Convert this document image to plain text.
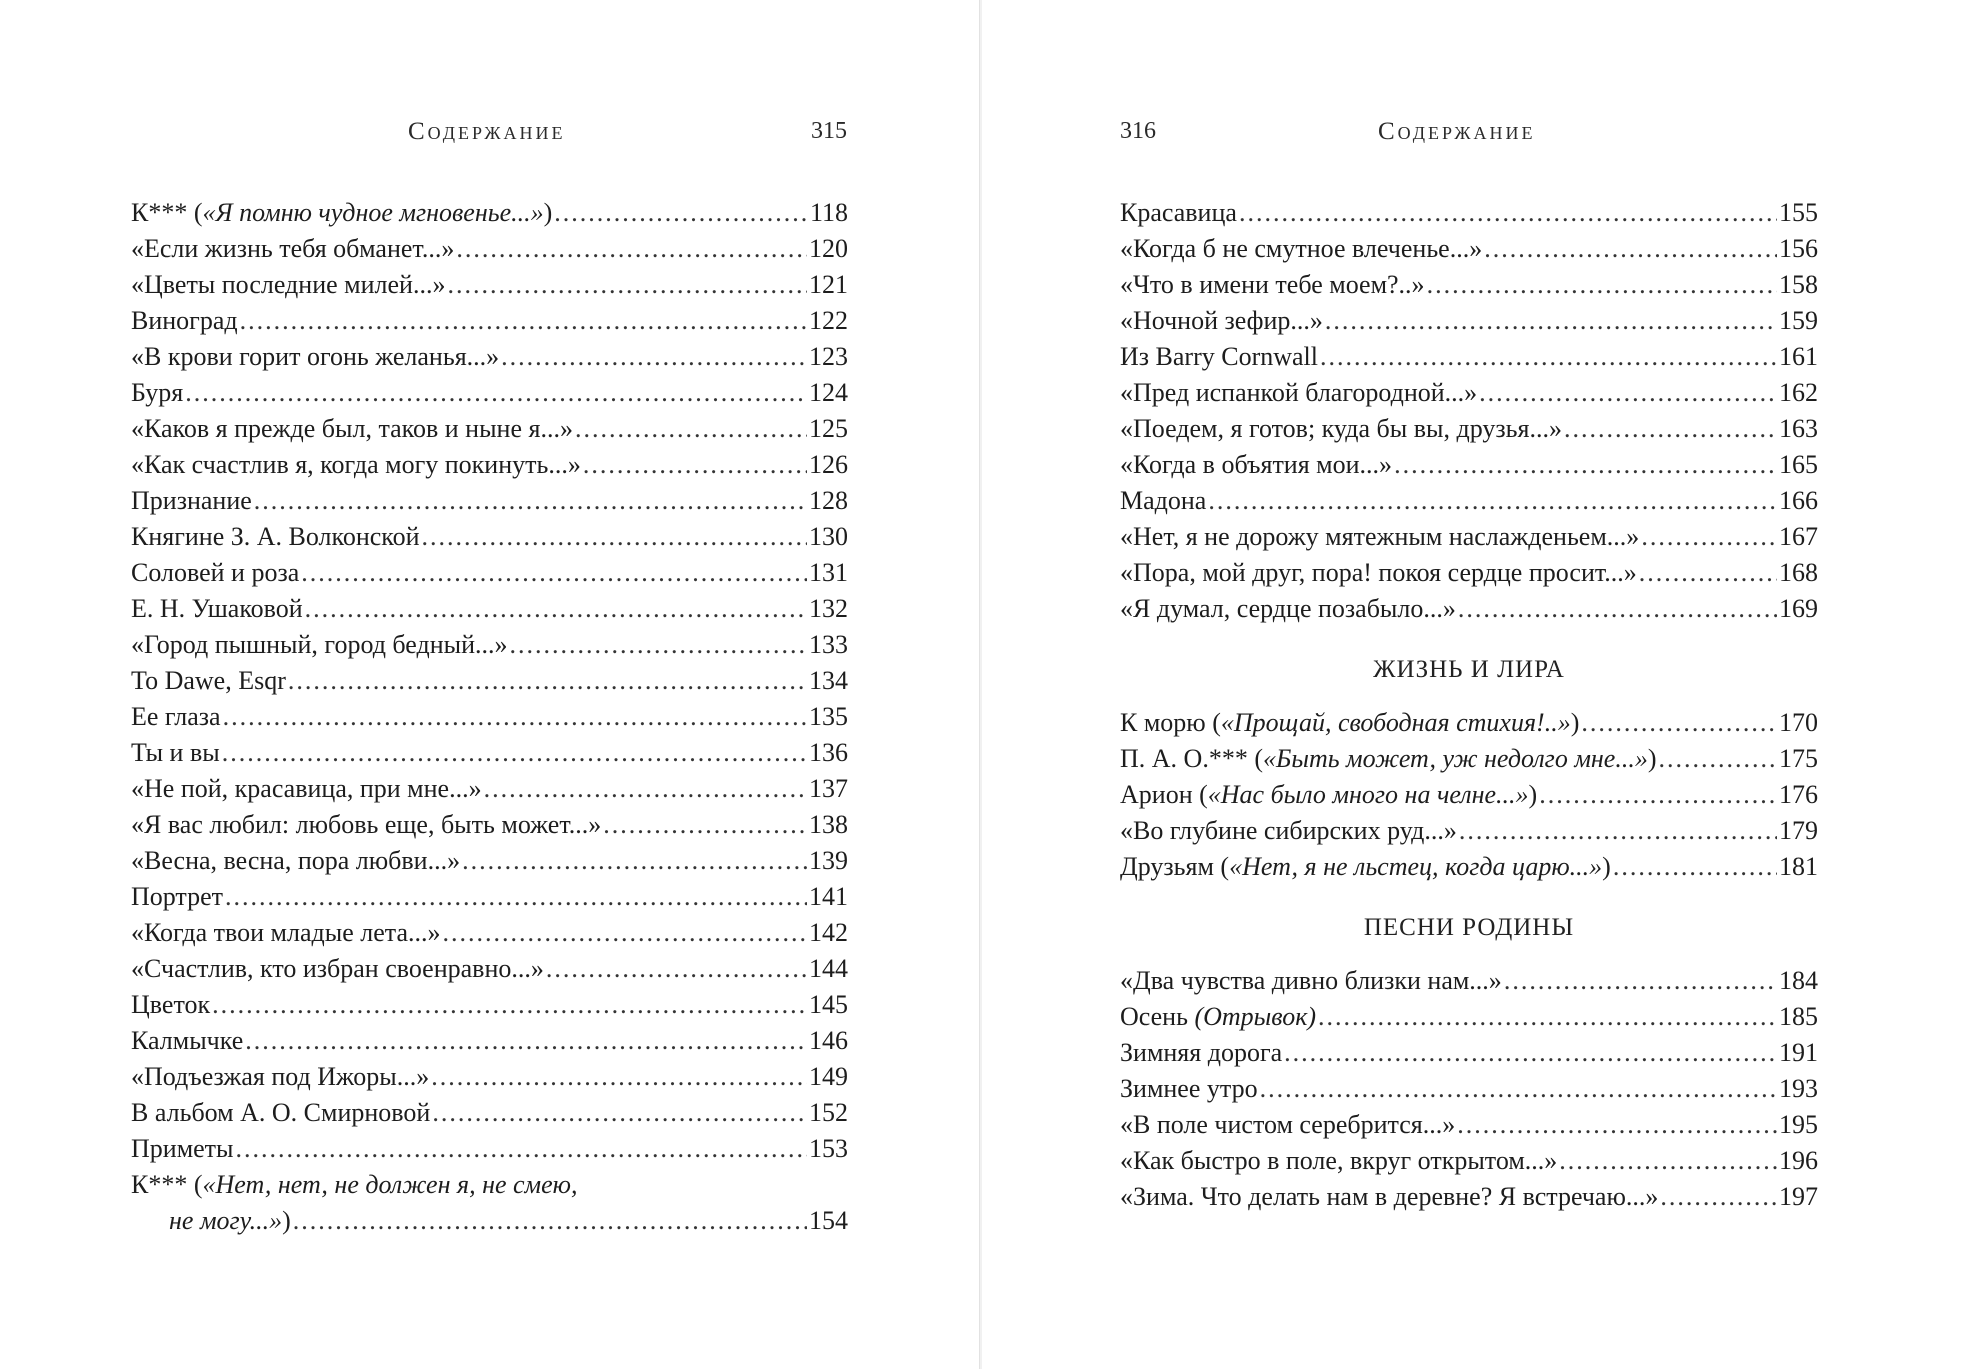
Содержание	315
К*** («Я помню чудное мгновенье...») .....	118
«Если жизнь тебя обманет...» .....	120
«Цветы последние милей...» .....	121
Виноград .....	122
«В крови горит огонь желанья...» .....	123
Буря .....	124
«Каков я прежде был, таков и ныне я...» .....	125
«Как счастлив я, когда могу покинуть...» .....	126
Признание .....	128
Княгине З. А. Волконской .....	130
Соловей и роза .....	131
Е. Н. Ушаковой .....	132
«Город пышный, город бедный...» .....	133
To Dawe, Esqr .....	134
Ее глаза .....	135
Ты и вы .....	136
«Не пой, красавица, при мне...» .....	137
«Я вас любил: любовь еще, быть может...» .....	138
«Весна, весна, пора любви...» .....	139
Портрет .....	141
«Когда твои младые лета...» .....	142
«Счастлив, кто избран своенравно...» .....	144
Цветок .....	145
Калмычке .....	146
«Подъезжая под Ижоры...» .....	149
В альбом А. О. Смирновой .....	152
Приметы .....	153
К*** («Нет, нет, не должен я, не смею,
не могу...») .....	154
316	Содержание
Красавица .....	155
«Когда б не смутное влеченье...» .....	156
«Что в имени тебе моем?..» .....	158
«Ночной зефир...» .....	159
Из Barry Cornwall .....	161
«Пред испанкой благородной...» .....	162
«Поедем, я готов; куда бы вы, друзья...» .....	163
«Когда в объятия мои...» .....	165
Мадона .....	166
«Нет, я не дорожу мятежным наслажденьем...» .....	167
«Пора, мой друг, пора! покоя сердце просит...» .....	168
«Я думал, сердце позабыло...» .....	169
ЖИЗНЬ И ЛИРА
К морю («Прощай, свободная стихия!..») .....	170
П. А. О.*** («Быть может, уж недолго мне...») .....	175
Арион («Нас было много на челне...») .....	176
«Во глубине сибирских руд...» .....	179
Друзьям («Нет, я не льстец, когда царю...») .....	181
ПЕСНИ РОДИНЫ
«Два чувства дивно близки нам...» .....	184
Осень (Отрывок) .....	185
Зимняя дорога .....	191
Зимнее утро .....	193
«В поле чистом серебрится...» .....	195
«Как быстро в поле, вкруг открытом...» .....	196
«Зима. Что делать нам в деревне? Я встречаю...» .....	197
